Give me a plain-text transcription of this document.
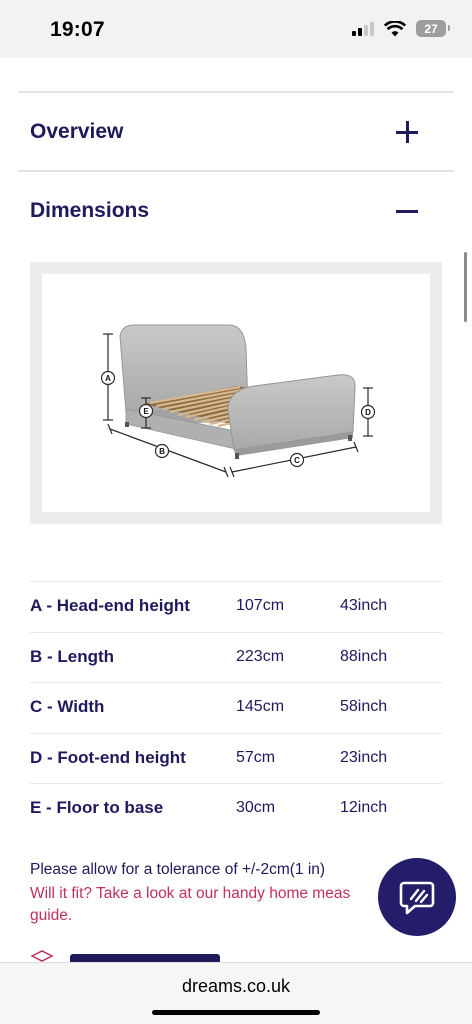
19:07	27
Overview
Dimensions
A
B
C
D
E
A - Head-end height	107cm	43inch
B - Length	223cm	88inch
C - Width	145cm	58inch
D - Foot-end height	57cm	23inch
E - Floor to base	30cm	12inch
Please allow for a tolerance of +/-2cm(1 in)
Will it fit? Take a look at our handy home meas guide.
dreams.co.uk
